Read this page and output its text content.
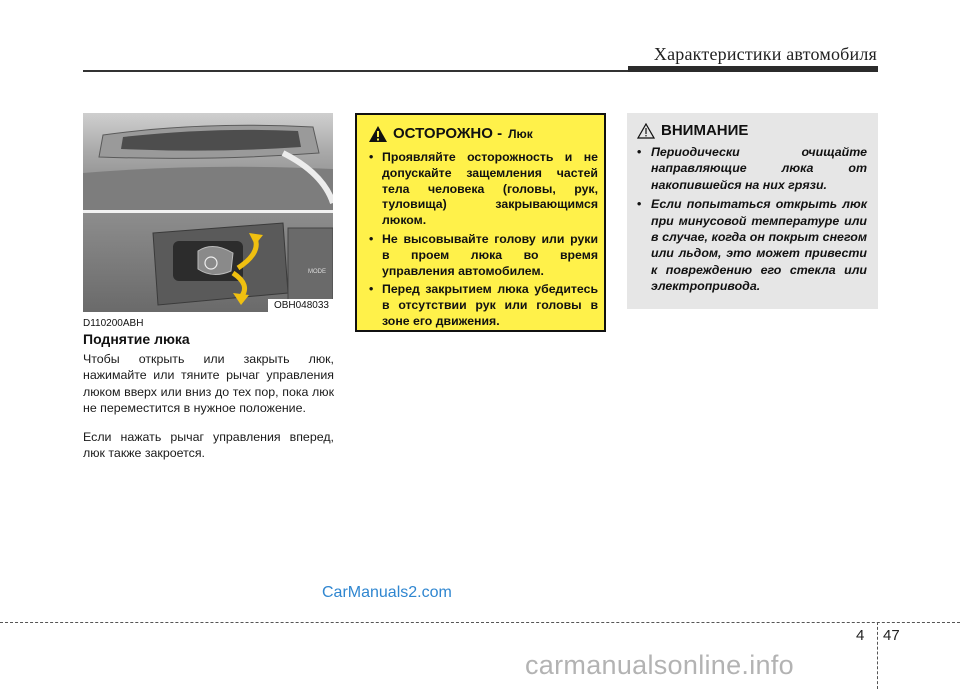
Характеристики автомобиля
MODE
OBH048033
D110200ABH
Поднятие люка

Чтобы открыть или закрыть люк, нажимайте или тяните рычаг управления люком вверх или вниз до тех пор, пока люк не переместится в нужное положение.

Если нажать рычаг управления вперед, люк также закроется.

ОСТОРОЖНО - Люк
• Проявляйте осторожность и не допускайте защемления частей тела человека (головы, рук, туловища) закрывающимся люком.
• Не высовывайте голову или руки в проем люка во время управления автомобилем.
• Перед закрытием люка убедитесь в отсутствии рук или головы в зоне его движения.
ВНИМАНИЕ
• Периодически очищайте направляющие люка от накопившейся на них грязи.
• Если попытаться открыть люк при минусовой температуре или в случае, когда он покрыт снегом или льдом, это может привести к повреждению его стекла или электропривода.
CarManuals2.com
4 47
carmanualsonline.info
